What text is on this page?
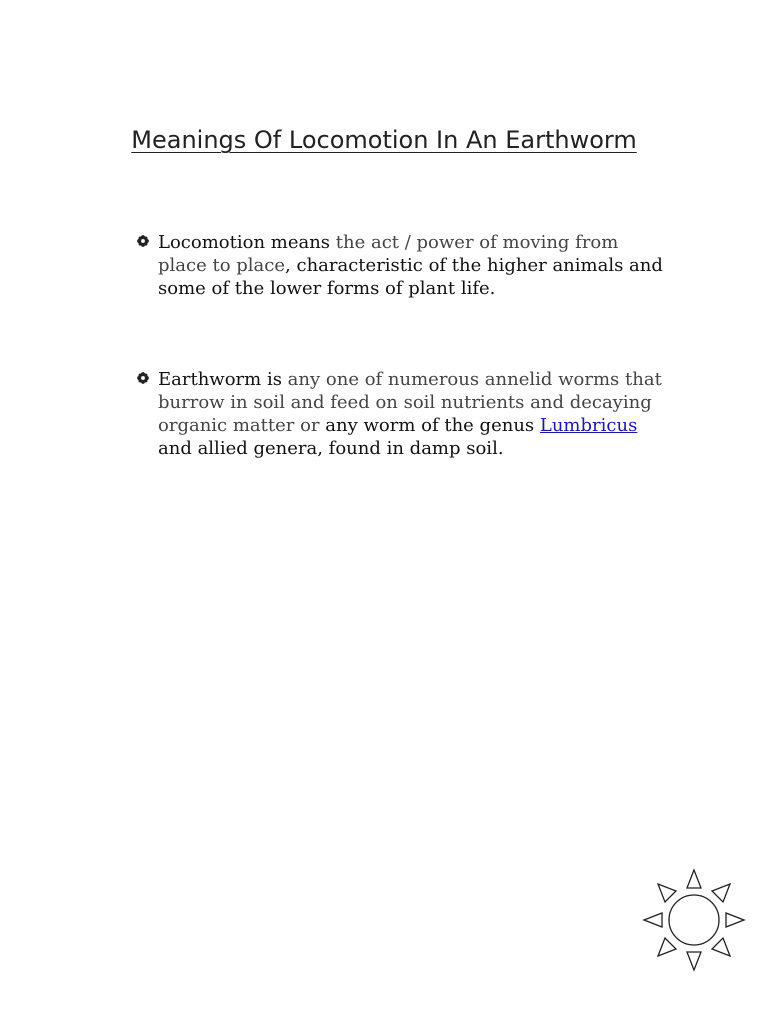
Meanings Of Locomotion In An Earthworm
Locomotion means the act / power of moving from place to place, characteristic of the higher animals and some of the lower forms of plant life.
Earthworm is any one of numerous annelid worms that burrow in soil and feed on soil nutrients and decaying organic matter or any worm of the genus Lumbricus and allied genera, found in damp soil.
